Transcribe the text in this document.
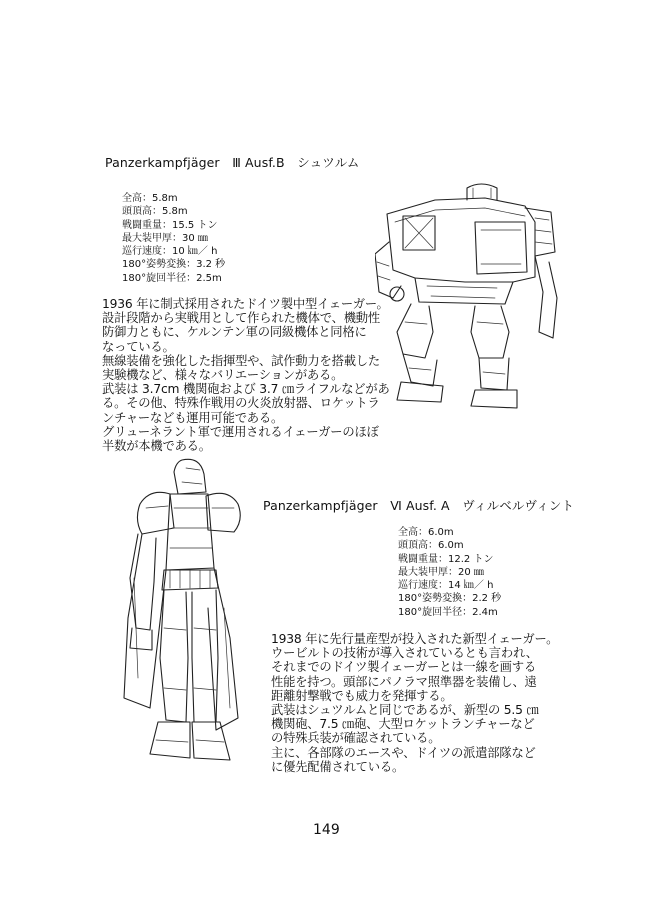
Panzerkampfjäger　Ⅲ Ausf.B　シュツルム
全高：5.8m
頭頂高：5.8m
戦闘重量：15.5 トン
最大装甲厚：30 ㎜
巡行速度：10 ㎞／ h
180°姿勢変換：3.2 秒
180°旋回半径：2.5m
1936 年に制式採用されたドイツ製中型イェーガー。
設計段階から実戦用として作られた機体で、機動性
防御力ともに、ケルンテン軍の同級機体と同格に
なっている。
無線装備を強化した指揮型や、試作動力を搭載した
実験機など、様々なバリエーションがある。
武装は 3.7cm 機関砲および 3.7 ㎝ライフルなどがあ
る。その他、特殊作戦用の火炎放射器、ロケットラ
ンチャーなども運用可能である。
グリューネラント軍で運用されるイェーガーのほぼ
半数が本機である。
Panzerkampfjäger　Ⅵ Ausf. A　ヴィルベルヴィント
全高：6.0m
頭頂高：6.0m
戦闘重量：12.2 トン
最大装甲厚：20 ㎜
巡行速度：14 ㎞／ h
180°姿勢変換：2.2 秒
180°旋回半径：2.4m
1938 年に先行量産型が投入された新型イェーガー。
ウービルトの技術が導入されているとも言われ、
それまでのドイツ製イェーガーとは一線を画する
性能を持つ。頭部にパノラマ照準器を装備し、遠
距離射撃戦でも威力を発揮する。
武装はシュツルムと同じであるが、新型の 5.5 ㎝
機関砲、7.5 ㎝砲、大型ロケットランチャーなど
の特殊兵装が確認されている。
主に、各部隊のエースや、ドイツの派遣部隊など
に優先配備されている。
149
